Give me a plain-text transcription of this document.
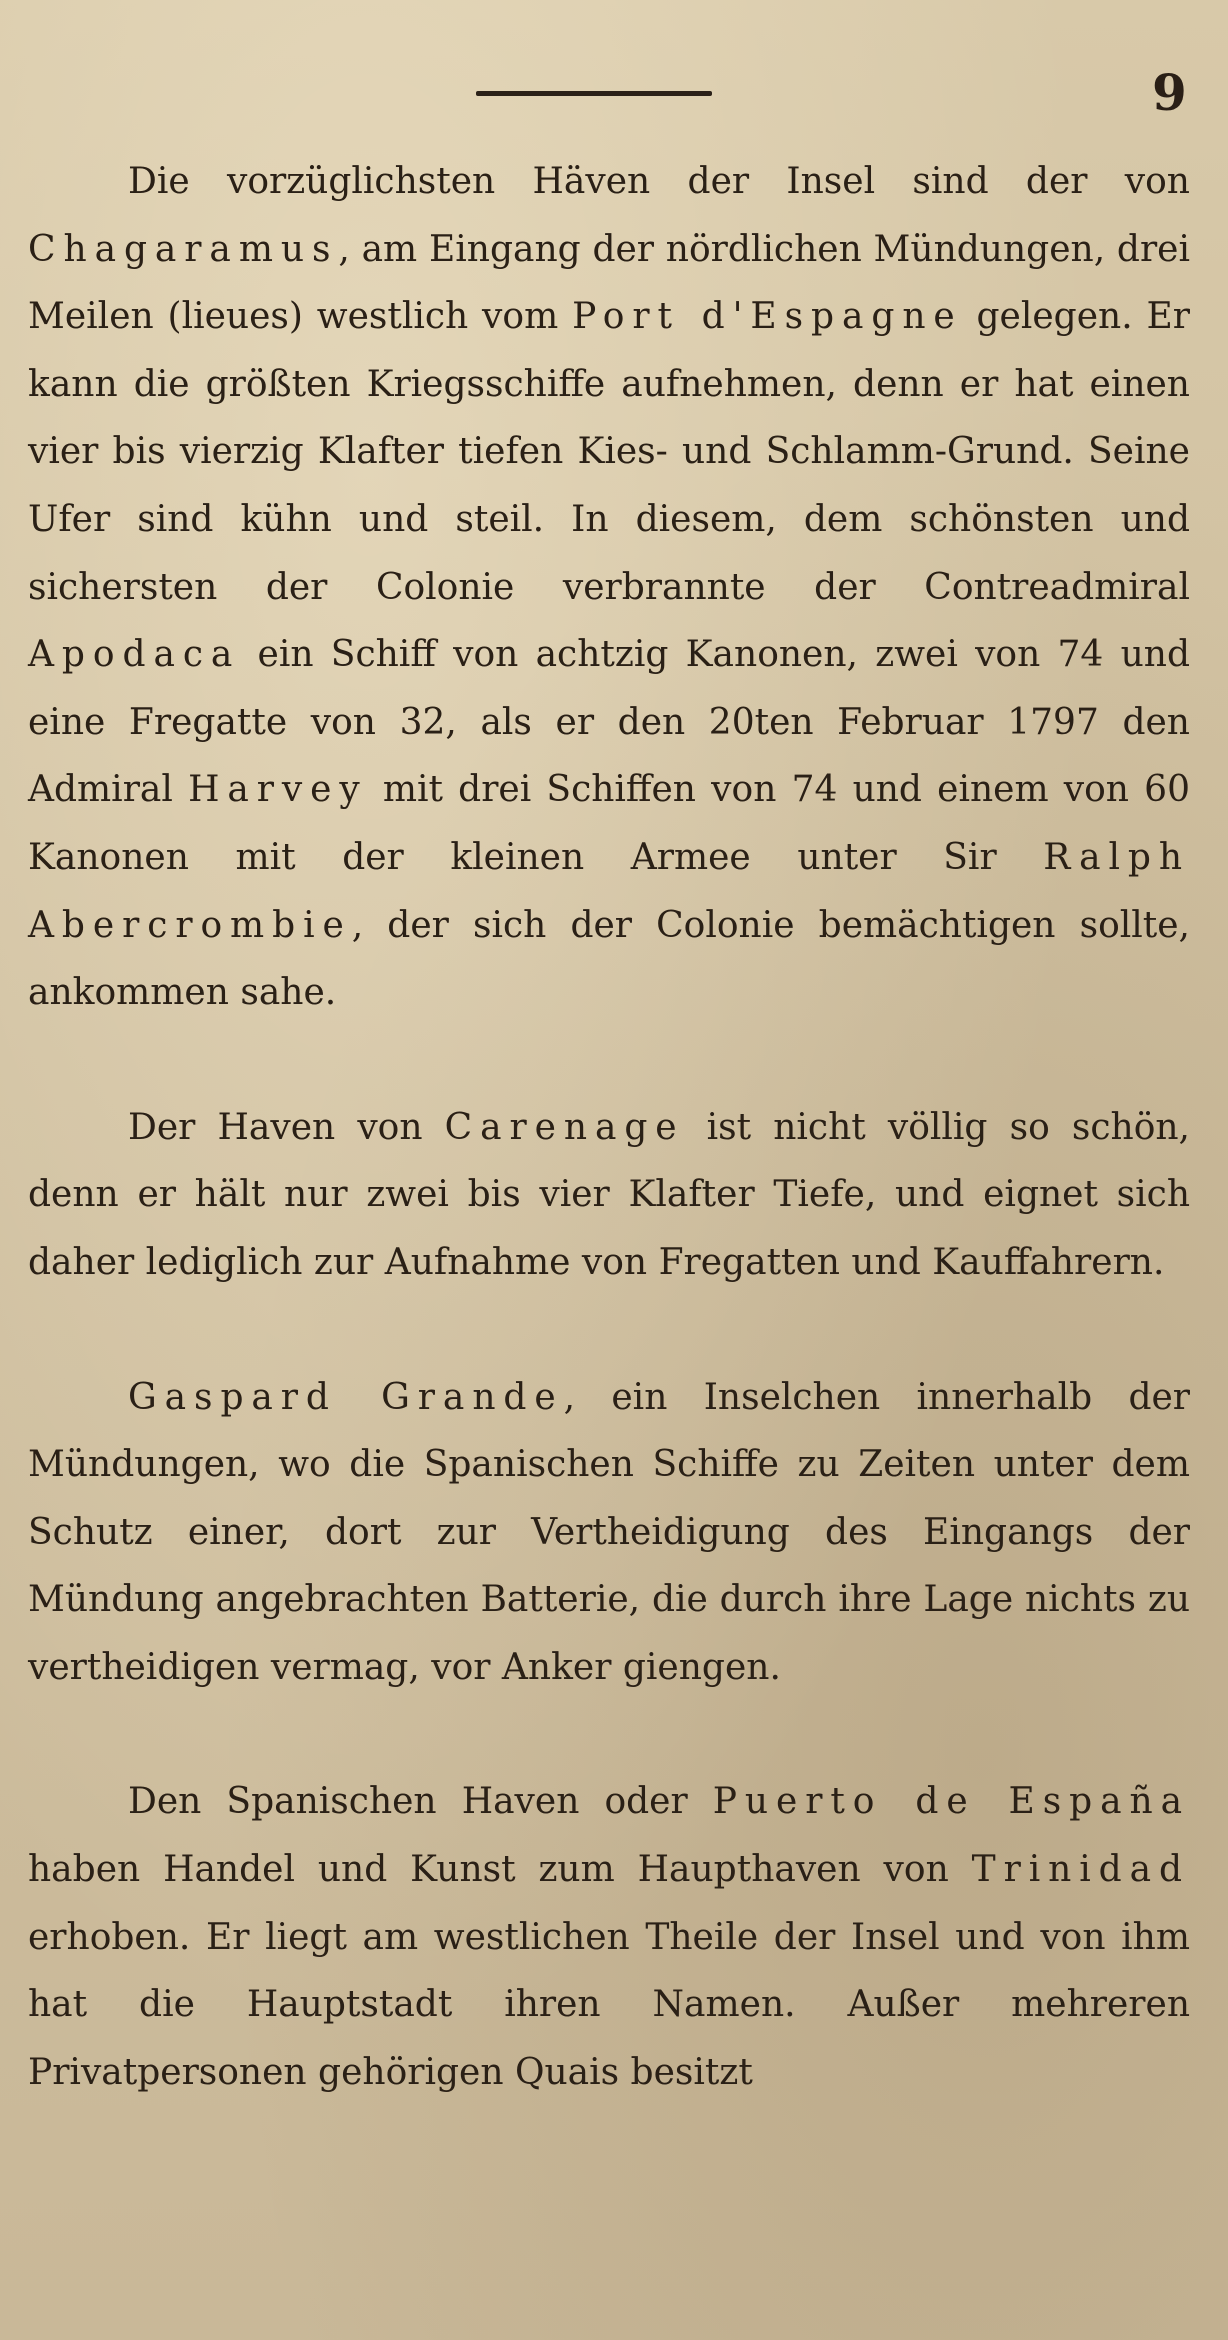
9

Die vorzüglichsten Häven der Insel sind der von Chagaramus, am Eingang der nördlichen Mündungen, drei Meilen (lieues) westlich vom Port d'Espagne gelegen. Er kann die größten Kriegsschiffe aufnehmen, denn er hat einen vier bis vierzig Klafter tiefen Kies- und Schlamm-Grund. Seine Ufer sind kühn und steil. In diesem, dem schönsten und sichersten der Colonie verbrannte der Contreadmiral Apodaca ein Schiff von achtzig Kanonen, zwei von 74 und eine Fregatte von 32, als er den 20ten Februar 1797 den Admiral Harvey mit drei Schiffen von 74 und einem von 60 Kanonen mit der kleinen Armee unter Sir Ralph Abercrombie, der sich der Colonie bemächtigen sollte, ankommen sahe.

Der Haven von Carenage ist nicht völlig so schön, denn er hält nur zwei bis vier Klafter Tiefe, und eignet sich daher lediglich zur Aufnahme von Fregatten und Kauffahrern.

Gaspard Grande, ein Inselchen innerhalb der Mündungen, wo die Spanischen Schiffe zu Zeiten unter dem Schutz einer, dort zur Vertheidigung des Eingangs der Mündung angebrachten Batterie, die durch ihre Lage nichts zu vertheidigen vermag, vor Anker giengen.

Den Spanischen Haven oder Puerto de España haben Handel und Kunst zum Haupthaven von Trinidad erhoben. Er liegt am westlichen Theile der Insel und von ihm hat die Hauptstadt ihren Namen. Außer mehreren Privatpersonen gehörigen Quais besitzt
